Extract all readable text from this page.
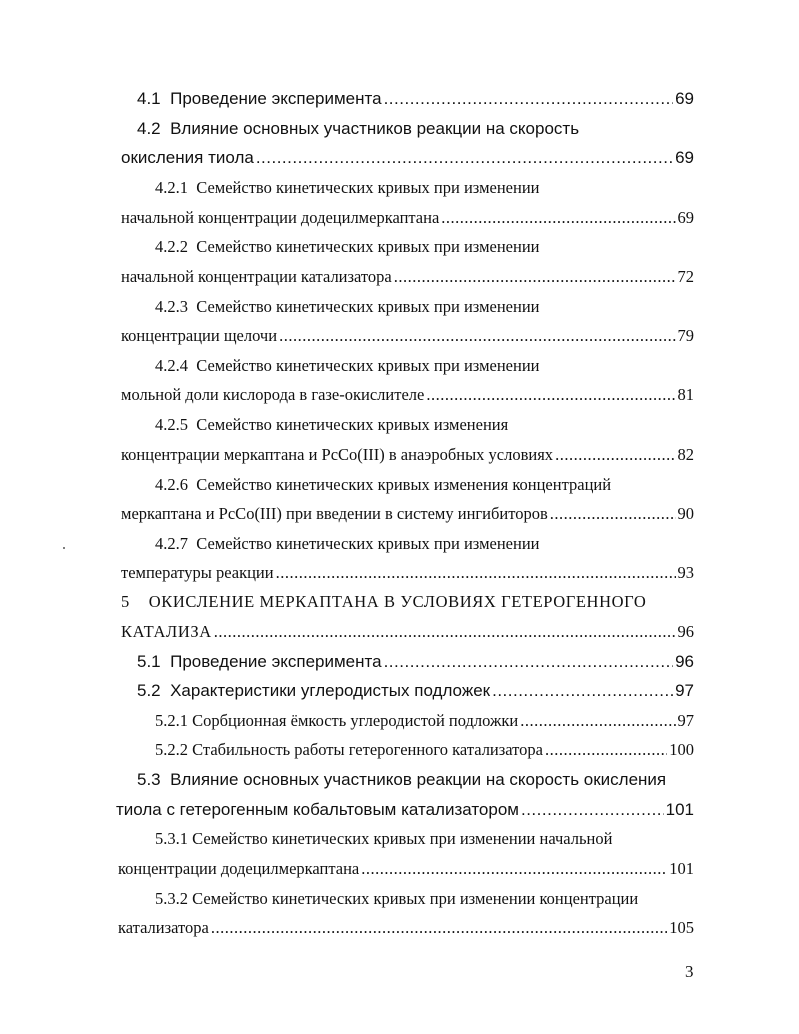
4.1 Проведение эксперимента .....	69
4.2
Влияние основных участников реакции на скорость
окисления тиола .....	69
4.2.1
Семейство кинетических кривых при изменении
начальной концентрации додецилмеркаптана .....	69
4.2.2
Семейство кинетических кривых при изменении
начальной концентрации катализатора .....	72
4.2.3
Семейство кинетических кривых при изменении
концентрации щелочи .....	79
4.2.4
Семейство кинетических кривых при изменении
мольной доли кислорода в газе-окислителе .....	81
4.2.5
Семейство кинетических кривых изменения
концентрации меркаптана и PcCo(III) в анаэробных условиях .....	82
4.2.6
Семейство кинетических кривых изменения концентраций
меркаптана и PcCo(III) при введении в систему ингибиторов .....	90
4.2.7
Семейство кинетических кривых при изменении
температуры реакции .....	93
5
ОКИСЛЕНИЕ МЕРКАПТАНА В УСЛОВИЯХ ГЕТЕРОГЕННОГО
КАТАЛИЗА .....	96
5.1 Проведение эксперимента .....	96
5.2 Характеристики углеродистых подложек .....	97
5.2.1 Сорбционная ёмкость углеродистой подложки .....	97
5.2.2 Стабильность работы гетерогенного катализатора .....	100
5.3
Влияние основных участников реакции на скорость окисления
тиола с гетерогенным кобальтовым катализатором .....	101
5.3.1
Семейство кинетических кривых при изменении начальной
концентрации додецилмеркаптана .....	101
5.3.2
Семейство кинетических кривых при изменении концентрации
катализатора .....	105
3
